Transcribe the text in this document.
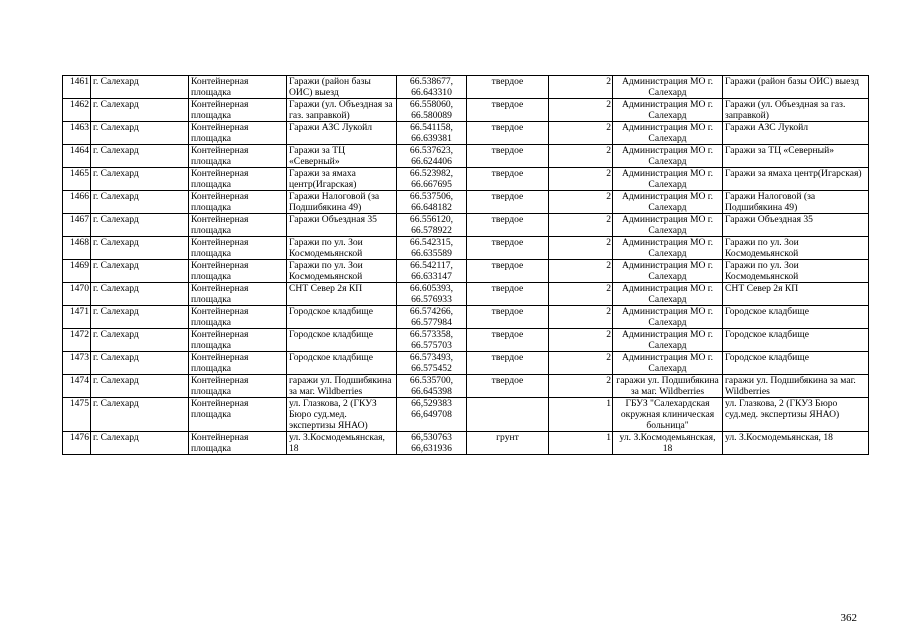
1461	г. Салехард	Контейнерная площадка	Гаражи (район базы ОИС) выезд	66.538677, 66.643310	твердое	2	Администрация МО г. Салехард	Гаражи (район базы ОИС) выезд
1462	г. Салехард	Контейнерная площадка	Гаражи (ул. Объездная за газ. заправкой)	66.558060, 66.580089	твердое	2	Администрация МО г. Салехард	Гаражи (ул. Объездная за газ. заправкой)
1463	г. Салехард	Контейнерная площадка	Гаражи АЗС Лукойл	66.541158, 66.639381	твердое	2	Администрация МО г. Салехард	Гаражи АЗС Лукойл
1464	г. Салехард	Контейнерная площадка	Гаражи за ТЦ «Северный»	66.537623, 66.624406	твердое	2	Администрация МО г. Салехард	Гаражи за ТЦ «Северный»
1465	г. Салехард	Контейнерная площадка	Гаражи за ямаха центр(Игарская)	66.523982, 66.667695	твердое	2	Администрация МО г. Салехард	Гаражи за ямаха центр(Игарская)
1466	г. Салехард	Контейнерная площадка	Гаражи Налоговой (за Подшибякина 49)	66.537506, 66.648182	твердое	2	Администрация МО г. Салехард	Гаражи Налоговой (за Подшибякина 49)
1467	г. Салехард	Контейнерная площадка	Гаражи Объездная 35	66.556120, 66.578922	твердое	2	Администрация МО г. Салехард	Гаражи Объездная 35
1468	г. Салехард	Контейнерная площадка	Гаражи по ул. Зои Космодемьянской	66.542315, 66.635589	твердое	2	Администрация МО г. Салехард	Гаражи по ул. Зои Космодемьянской
1469	г. Салехард	Контейнерная площадка	Гаражи по ул. Зои Космодемьянской	66.542117, 66.633147	твердое	2	Администрация МО г. Салехард	Гаражи по ул. Зои Космодемьянской
1470	г. Салехард	Контейнерная площадка	СНТ Север 2я КП	66.605393, 66.576933	твердое	2	Администрация МО г. Салехард	СНТ Север 2я КП
1471	г. Салехард	Контейнерная площадка	Городское кладбище	66.574266, 66.577984	твердое	2	Администрация МО г. Салехард	Городское кладбище
1472	г. Салехард	Контейнерная площадка	Городское кладбище	66.573358, 66.575703	твердое	2	Администрация МО г. Салехард	Городское кладбище
1473	г. Салехард	Контейнерная площадка	Городское кладбище	66.573493, 66.575452	твердое	2	Администрация МО г. Салехард	Городское кладбище
1474	г. Салехард	Контейнерная площадка	гаражи ул. Подшибякина за маг. Wildberries	66.535700, 66.645398	твердое	2	гаражи ул. Подшибякина за маг. Wildberries	гаражи ул. Подшибякина за маг. Wildberries
1475	г. Салехард	Контейнерная площадка	ул. Глазкова, 2 (ГКУЗ Бюро суд.мед. экспертизы ЯНАО)	66,529383 66,649708		1	ГБУЗ "Салехардская окружная клиническая больница"	ул. Глазкова, 2 (ГКУЗ Бюро суд.мед. экспертизы ЯНАО)
1476	г. Салехард	Контейнерная площадка	ул. З.Космодемьянская, 18	66,530763 66,631936	грунт	1	ул. З.Космодемьянская, 18	ул. З.Космодемьянская, 18
362
